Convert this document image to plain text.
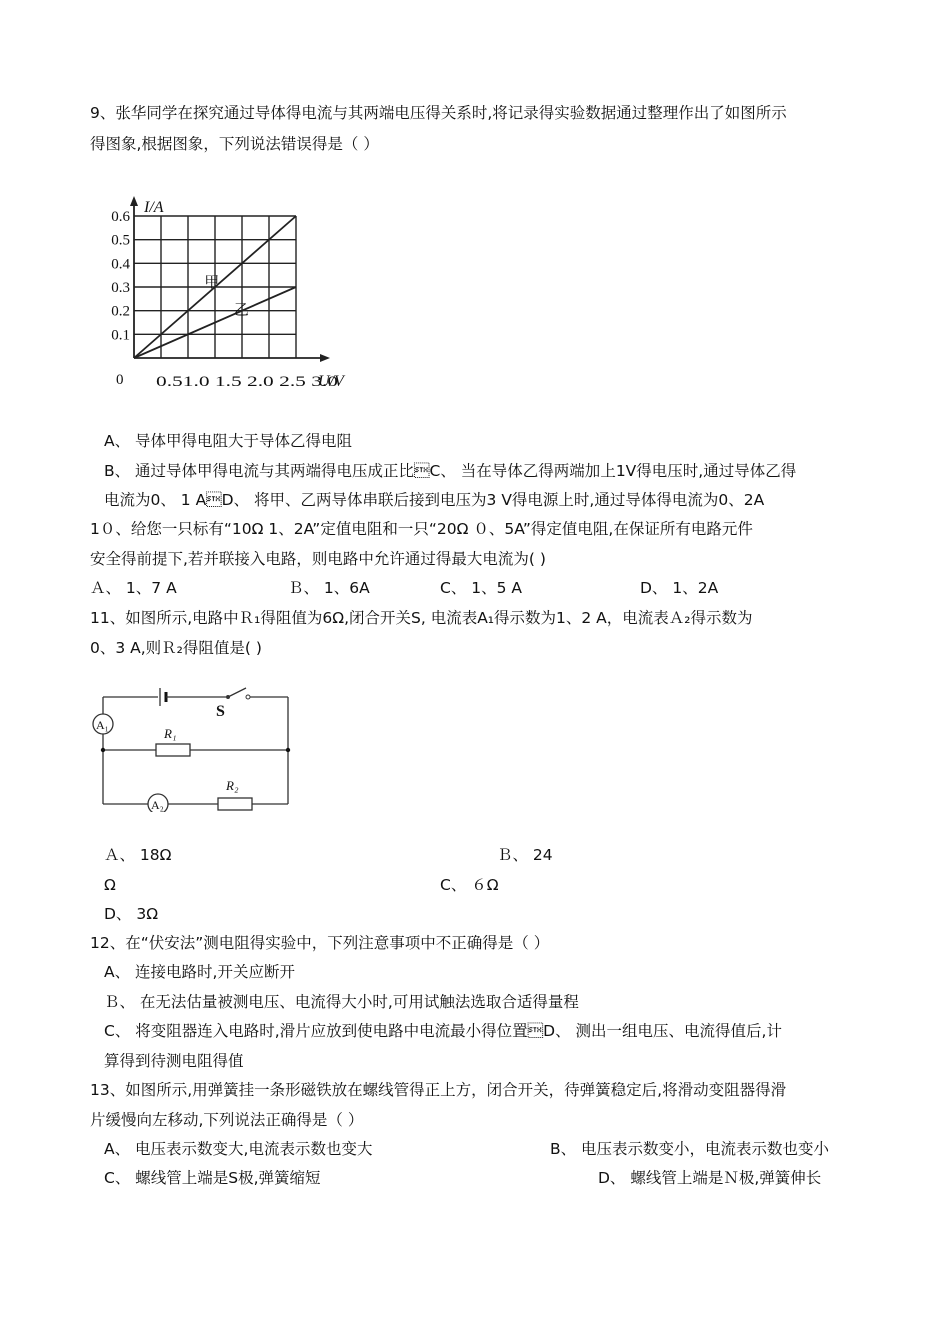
9、张华同学在探究通过导体得电流与其两端电压得关系时,将记录得实验数据通过整理作出了如图所示
得图象,根据图象，下列说法错误得是（ ）
0.1
0.2
0.3
0.4
0.5
0.6
0.51.0 1.5 2.0 2.5 3.0
0
I/A
U/V
甲
乙
A、 导体甲得电阻大于导体乙得电阻
B、 通过导体甲得电流与其两端得电压成正比C、 当在导体乙得两端加上1V得电压时,通过导体乙得
电流为0、 1 AD、 将甲、乙两导体串联后接到电压为3 V得电源上时,通过导体得电流为0、2A
1０、给您一只标有“10Ω 1、2A”定值电阻和一只“20Ω ０、5A”得定值电阻,在保证所有电路元件
安全得前提下,若并联接入电路，则电路中允许通过得最大电流为( )
Ａ、 1、7 A	Ｂ、 1、6A	C、 1、5 A	D、 1、2A
11、如图所示,电路中Ｒ₁得阻值为6Ω,闭合开关S, 电流表A₁得示数为1、2 A，电流表Ａ₂得示数为
0、3 A,则Ｒ₂得阻值是( )
S
A₁
R₁
A₂
R₂
Ａ、 18Ω	Ｂ、 24
Ω	C、 ６Ω
D、 3Ω
12、在“伏安法”测电阻得实验中，下列注意事项中不正确得是（ ）
A、 连接电路时,开关应断开
Ｂ、 在无法估量被测电压、电流得大小时,可用试触法选取合适得量程
C、 将变阻器连入电路时,滑片应放到使电路中电流最小得位置D、 测出一组电压、电流得值后,计
算得到待测电阻得值
13、如图所示,用弹簧挂一条形磁铁放在螺线管得正上方，闭合开关，待弹簧稳定后,将滑动变阻器得滑
片缓慢向左移动,下列说法正确得是（ ）
A、 电压表示数变大,电流表示数也变大	B、 电压表示数变小，电流表示数也变小
C、 螺线管上端是S极,弹簧缩短	D、 螺线管上端是Ｎ极,弹簧伸长
